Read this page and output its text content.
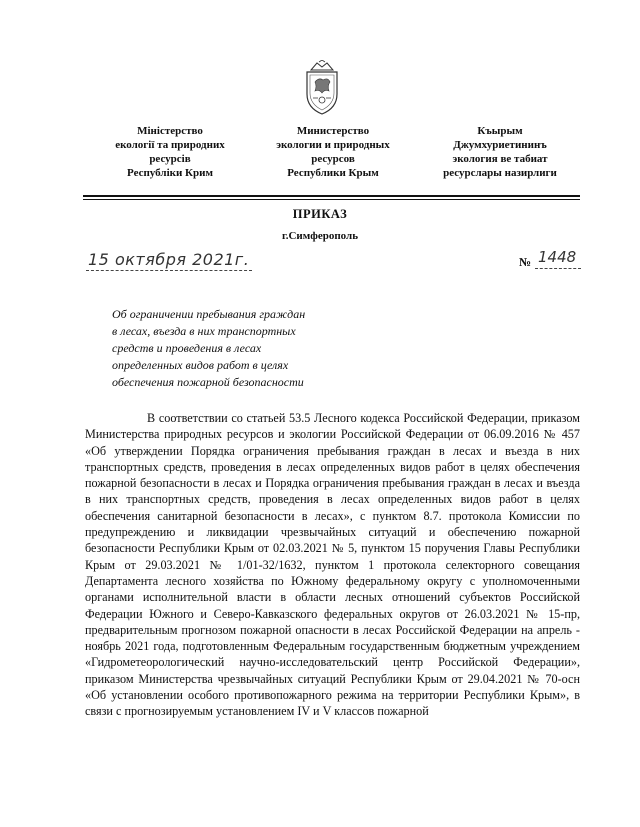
Міністерство
екології та природних
ресурсів
Республіки Крим
Министерство
экологии и природных
ресурсов
Республики Крым
Къырым
Джумхуриетининъ
экология ве табиат
ресурслары назирлиги
ПРИКАЗ
г.Симферополь
15 октября 2021г.	№ 1448
Об ограничении пребывания граждан
в лесах, въезда в них транспортных
средств и проведения в лесах
определенных видов работ в целях
обеспечения пожарной безопасности
В соответствии со статьей 53.5 Лесного кодекса Российской Федерации, приказом Министерства природных ресурсов и экологии Российской Федерации от 06.09.2016 № 457 «Об утверждении Порядка ограничения пребывания граждан в лесах и въезда в них транспортных средств, проведения в лесах определенных видов работ в целях обеспечения пожарной безопасности в лесах и Порядка ограничения пребывания граждан в лесах и въезда в них транспортных средств, проведения в лесах определенных видов работ в целях обеспечения санитарной безопасности в лесах», с пунктом 8.7. протокола Комиссии по предупреждению и ликвидации чрезвычайных ситуаций и обеспечению пожарной безопасности Республики Крым от 02.03.2021 № 5, пунктом 15 поручения Главы Республики Крым от 29.03.2021 № 1/01-32/1632, пунктом 1 протокола селекторного совещания Департамента лесного хозяйства по Южному федеральному округу с уполномоченными органами исполнительной власти в области лесных отношений субъектов Российской Федерации Южного и Северо-Кавказского федеральных округов от 26.03.2021 № 15-пр, предварительным прогнозом пожарной опасности в лесах Российской Федерации на апрель - ноябрь 2021 года, подготовленным Федеральным государственным бюджетным учреждением «Гидрометеорологический научно-исследовательский центр Российской Федерации», приказом Министерства чрезвычайных ситуаций Республики Крым от 29.04.2021 № 70-осн «Об установлении особого противопожарного режима на территории Республики Крым», в связи с прогнозируемым установлением IV и V классов пожарной
